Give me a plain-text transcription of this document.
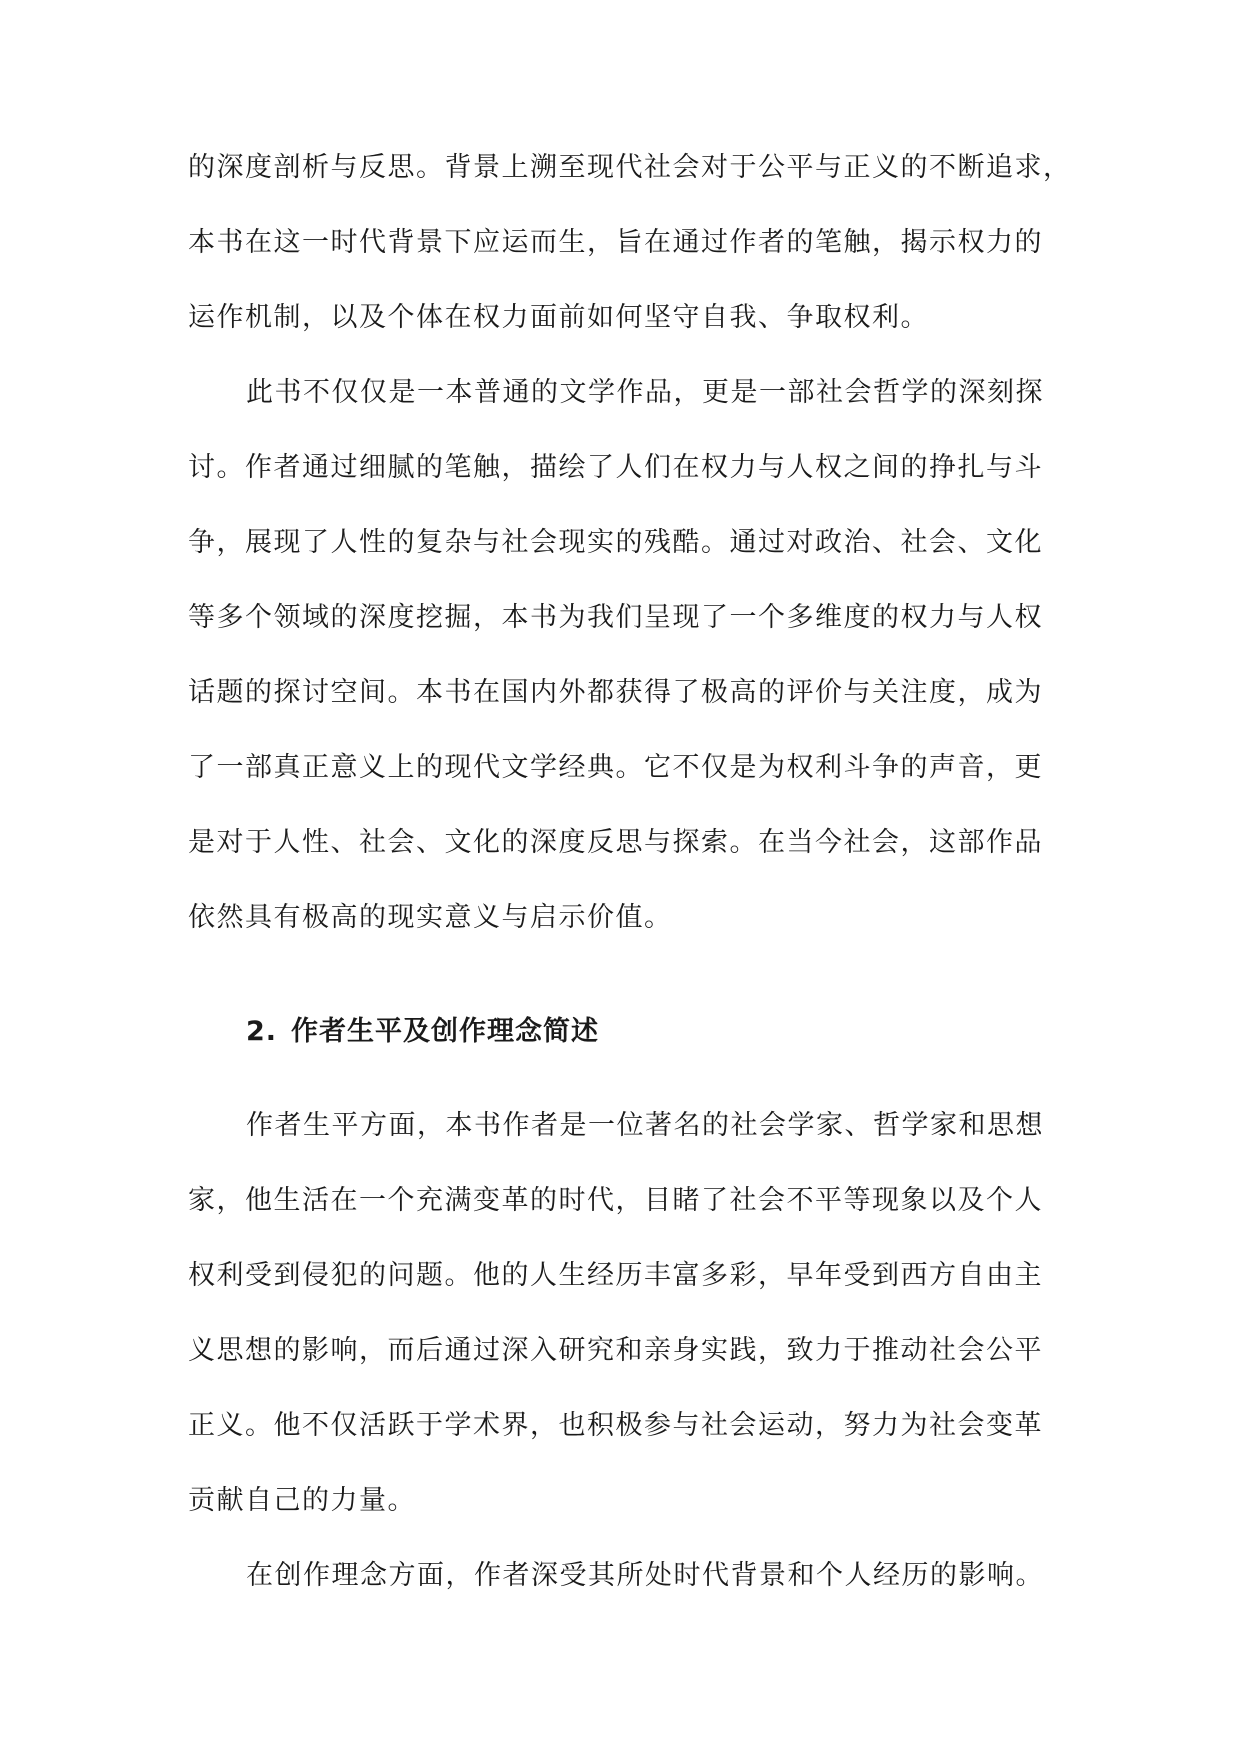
的深度剖析与反思。背景上溯至现代社会对于公平与正义的不断追求，
本书在这一时代背景下应运而生，旨在通过作者的笔触，揭示权力的
运作机制，以及个体在权力面前如何坚守自我、争取权利。
此书不仅仅是一本普通的文学作品，更是一部社会哲学的深刻探
讨。作者通过细腻的笔触，描绘了人们在权力与人权之间的挣扎与斗
争，展现了人性的复杂与社会现实的残酷。通过对政治、社会、文化
等多个领域的深度挖掘，本书为我们呈现了一个多维度的权力与人权
话题的探讨空间。本书在国内外都获得了极高的评价与关注度，成为
了一部真正意义上的现代文学经典。它不仅是为权利斗争的声音，更
是对于人性、社会、文化的深度反思与探索。在当今社会，这部作品
依然具有极高的现实意义与启示价值。
2. 作者生平及创作理念简述
作者生平方面，本书作者是一位著名的社会学家、哲学家和思想
家，他生活在一个充满变革的时代，目睹了社会不平等现象以及个人
权利受到侵犯的问题。他的人生经历丰富多彩，早年受到西方自由主
义思想的影响，而后通过深入研究和亲身实践，致力于推动社会公平
正义。他不仅活跃于学术界，也积极参与社会运动，努力为社会变革
贡献自己的力量。
在创作理念方面，作者深受其所处时代背景和个人经历的影响。
